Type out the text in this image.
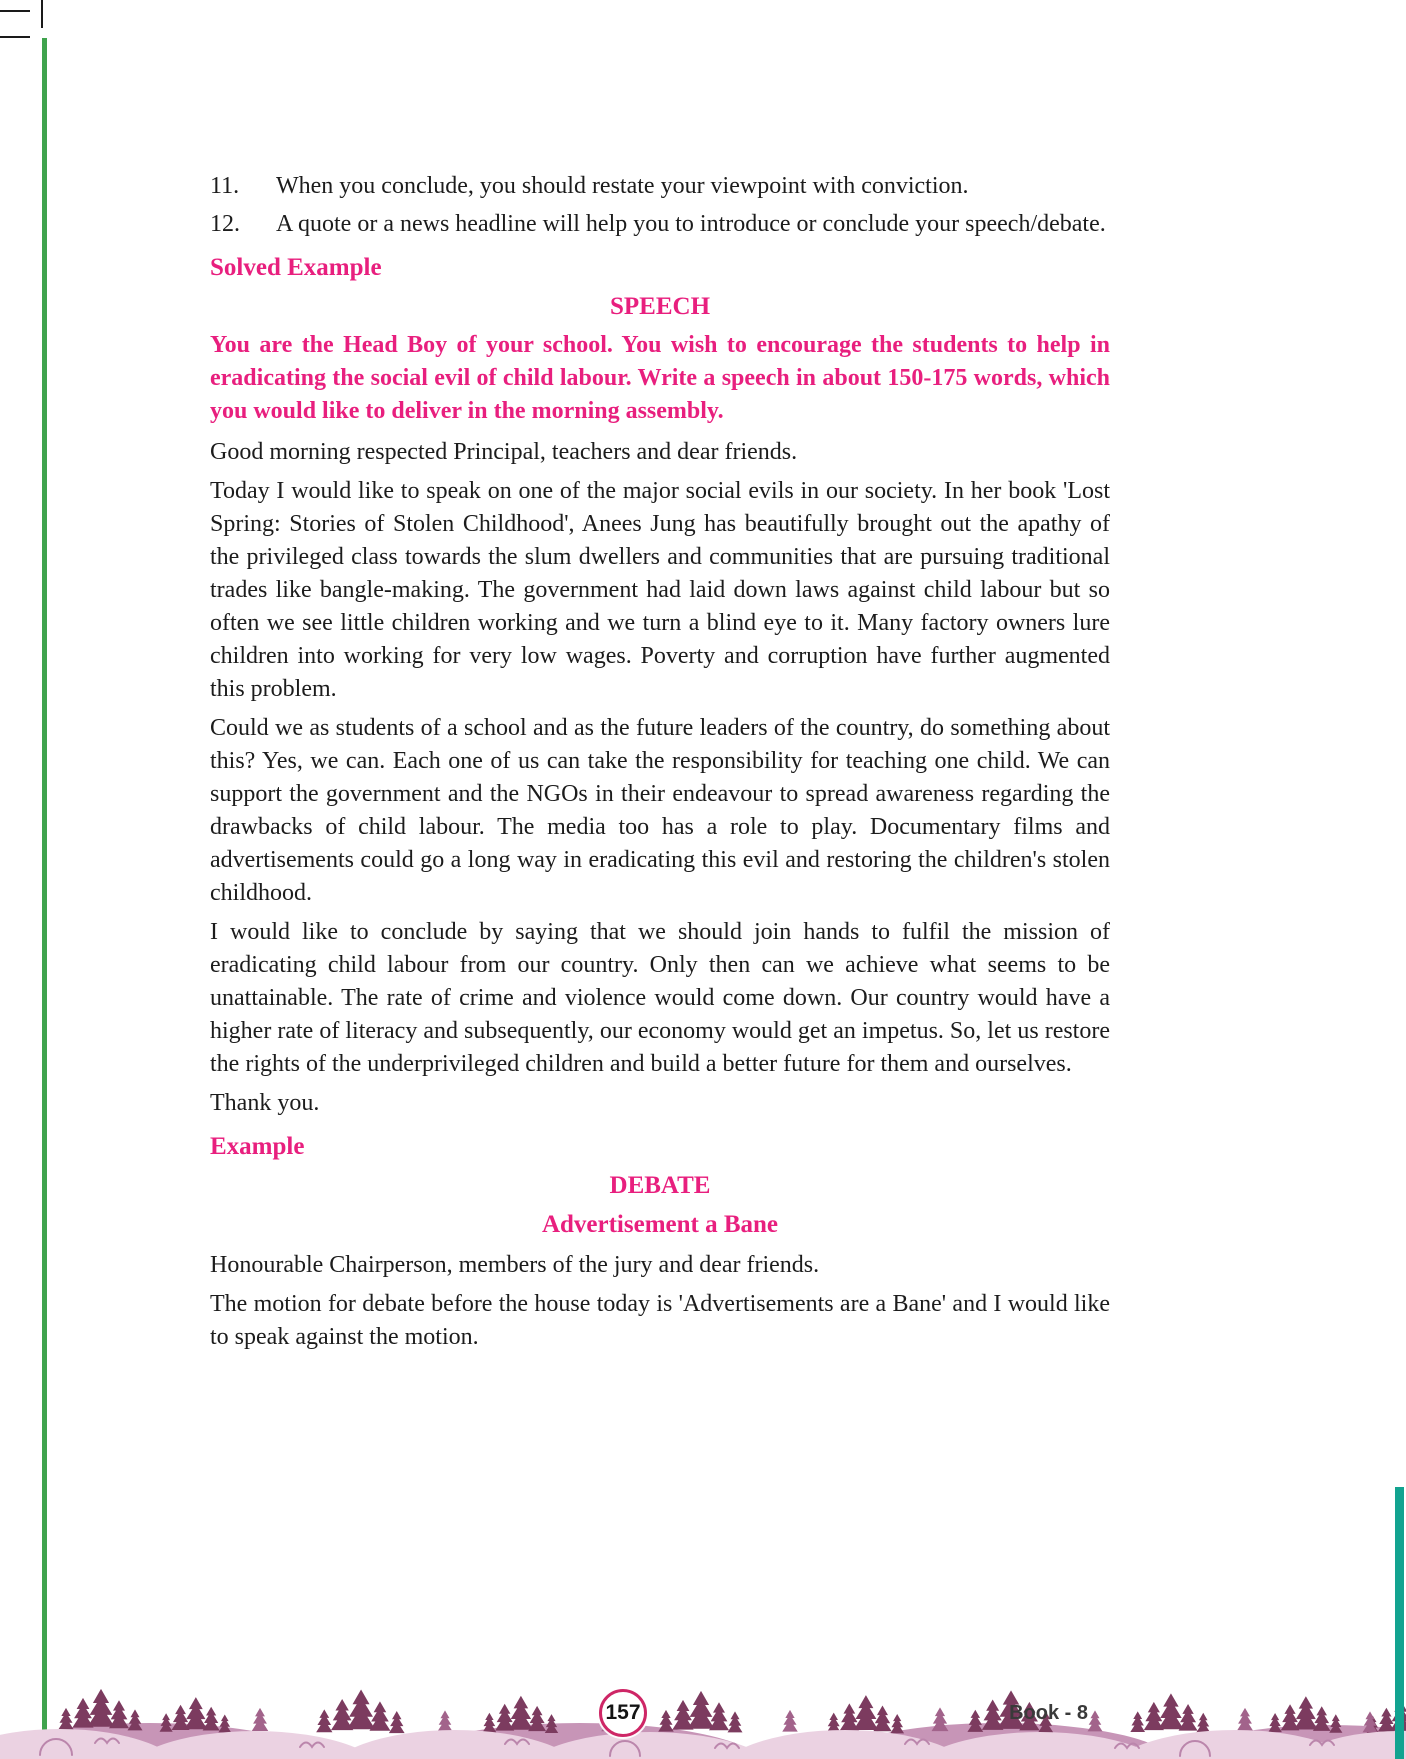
11.	When you conclude, you should restate your viewpoint with conviction.
12.	A quote or a news headline will help you to introduce or conclude your speech/debate.
Solved Example
SPEECH

You are the Head Boy of your school. You wish to encourage the students to help in eradicating the social evil of child labour. Write a speech in about 150-175 words, which you would like to deliver in the morning assembly.

Good morning respected Principal, teachers and dear friends.

Today I would like to speak on one of the major social evils in our society. In her book 'Lost Spring: Stories of Stolen Childhood', Anees Jung has beautifully brought out the apathy of the privileged class towards the slum dwellers and communities that are pursuing traditional trades like bangle-making. The government had laid down laws against child labour but so often we see little children working and we turn a blind eye to it. Many factory owners lure children into working for very low wages. Poverty and corruption have further augmented this problem.

Could we as students of a school and as the future leaders of the country, do something about this? Yes, we can. Each one of us can take the responsibility for teaching one child. We can support the government and the NGOs in their endeavour to spread awareness regarding the drawbacks of child labour. The media too has a role to play. Documentary films and advertisements could go a long way in eradicating this evil and restoring the children's stolen childhood.

I would like to conclude by saying that we should join hands to fulfil the mission of eradicating child labour from our country. Only then can we achieve what seems to be unattainable. The rate of crime and violence would come down. Our country would have a higher rate of literacy and subsequently, our economy would get an impetus. So, let us restore the rights of the underprivileged children and build a better future for them and ourselves.

Thank you.

Example
DEBATE
Advertisement a Bane

Honourable Chairperson, members of the jury and dear friends.

The motion for debate before the house today is 'Advertisements are a Bane' and I would like to speak against the motion.

157	Book - 8
